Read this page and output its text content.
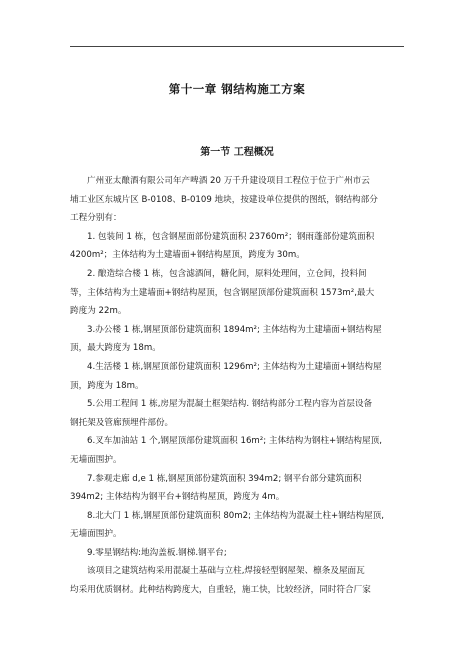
第十一章 钢结构施工方案
第一节 工程概况

广州亚太酿酒有限公司年产啤酒 20 万千升建设项目工程位于位于广州市云
埔工业区东城片区 B-0108、B-0109 地块，按建设单位提供的图纸，钢结构部分
工程分别有：

1. 包装间 1 栋，包含钢屋面部份建筑面积 23760m²；钢雨蓬部份建筑面积
4200m²；主体结构为土建墙面+钢结构屋顶，跨度为 30m。

2. 酿造综合楼 1 栋，包含滤酒间，糖化间，原料处理间，立仓间，投料间
等，主体结构为土建墙面+钢结构屋顶，包含钢屋顶部份建筑面积 1573m²,最大
跨度为 22m。

3.办公楼 1 栋,钢屋顶部份建筑面积 1894m²; 主体结构为土建墙面+钢结构屋
顶，最大跨度为 18m。

4.生活楼 1 栋,钢屋顶部份建筑面积 1296m²; 主体结构为土建墙面+钢结构屋
顶，跨度为 18m。

5.公用工程间 1 栋,房屋为混凝土框架结构. 钢结构部分工程内容为首层设备
钢托架及管廊预埋件部份。

6.叉车加油站 1 个,钢屋顶部份建筑面积 16m²; 主体结构为钢柱+钢结构屋顶,
无墙面围护。

7.参观走廊 d,e 1 栋,钢屋顶部份建筑面积 394m2; 钢平台部分建筑面积
394m2; 主体结构为钢平台+钢结构屋顶，跨度为 4m。

8.北大门 1 栋,钢屋顶部份建筑面积 80m2; 主体结构为混凝土柱+钢结构屋顶,
无墙面围护。

9.零星钢结构:地沟盖板.钢梯.钢平台;

该项目之建筑结构采用混凝土基础与立柱,焊接轻型钢屋架、檩条及屋面瓦
均采用优质钢材。此种结构跨度大，自重轻，施工快，比较经济，同时符合厂家
